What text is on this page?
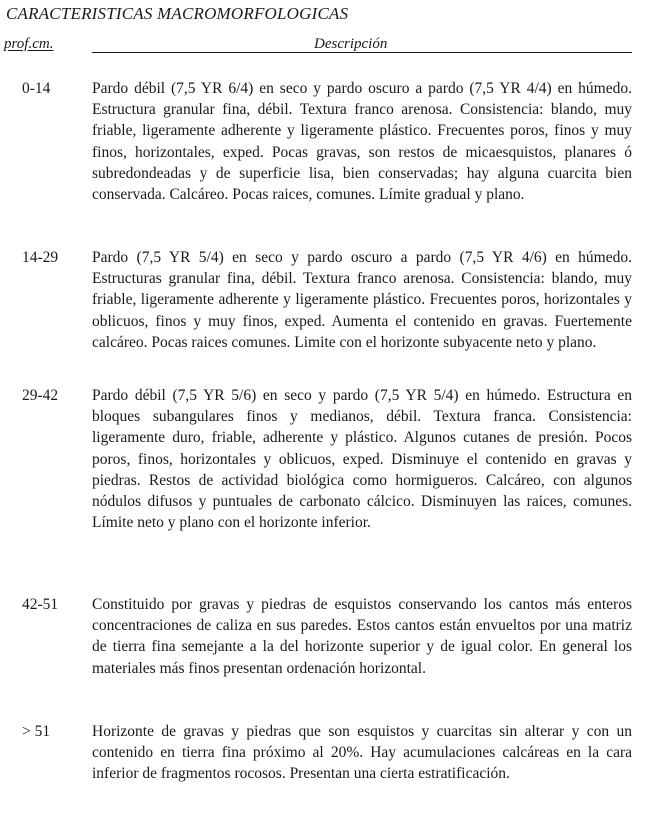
CARACTERISTICAS MACROMORFOLOGICAS
prof.cm.	Descripción
0-14	Pardo débil (7,5 YR 6/4) en seco y pardo oscuro a pardo (7,5 YR 4/4) en húmedo. Estructura granular fina, débil. Textura franco arenosa. Consistencia: blando, muy friable, ligeramente adherente y ligeramente plástico. Frecuentes poros, finos y muy finos, horizontales, exped. Pocas gravas, son restos de micaesquistos, planares ó subredondeadas y de superficie lisa, bien conservadas; hay alguna cuarcita bien conservada. Calcáreo. Pocas raices, comunes. Límite gradual y plano.
14-29 Pardo (7,5 YR 5/4) en seco y pardo oscuro a pardo (7,5 YR 4/6) en húmedo. Estructuras granular fina, débil. Textura franco arenosa. Consistencia: blando, muy friable, ligeramente adherente y ligeramente plástico. Frecuentes poros, horizontales y oblicuos, finos y muy finos, exped. Aumenta el contenido en gravas. Fuertemente calcáreo. Pocas raices comunes. Limite con el horizonte subyacente neto y plano.
29-42 Pardo débil (7,5 YR 5/6) en seco y pardo (7,5 YR 5/4) en húmedo. Estructura en bloques subangulares finos y medianos, débil. Textura franca. Consistencia: ligeramente duro, friable, adherente y plástico. Algunos cutanes de presión. Pocos poros, finos, horizontales y oblicuos, exped. Disminuye el contenido en gravas y piedras. Restos de actividad biológica como hormigueros. Calcáreo, con algunos nódulos difusos y puntuales de carbonato cálcico. Disminuyen las raices, comunes. Límite neto y plano con el horizonte inferior.
42-51 Constituido por gravas y piedras de esquistos conservando los cantos más enteros concentraciones de caliza en sus paredes. Estos cantos están envueltos por una matriz de tierra fina semejante a la del horizonte superior y de igual color. En general los materiales más finos presentan ordenación horizontal.
> 51	Horizonte de gravas y piedras que son esquistos y cuarcitas sin alterar y con un contenido en tierra fina próximo al 20%. Hay acumulaciones calcáreas en la cara inferior de fragmentos rocosos. Presentan una cierta estratificación.
